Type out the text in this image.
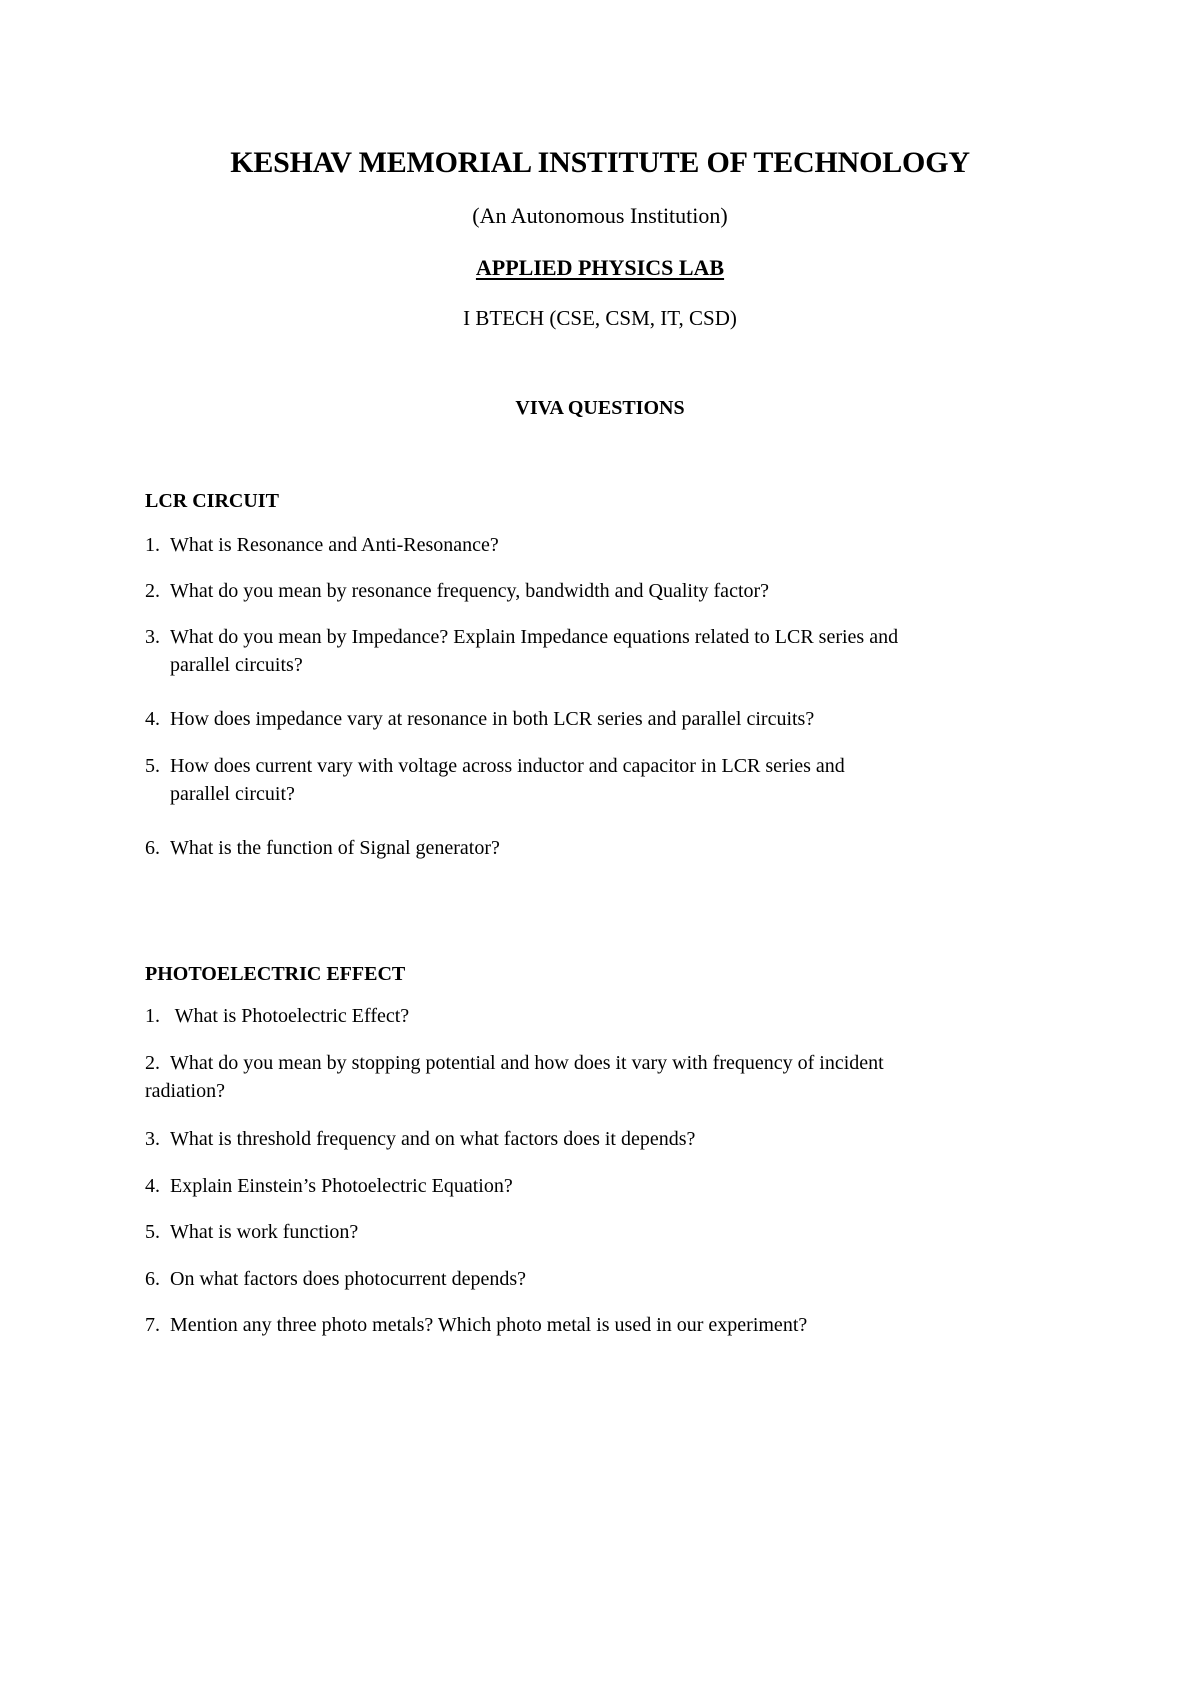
KESHAV MEMORIAL INSTITUTE OF TECHNOLOGY
(An Autonomous Institution)
APPLIED PHYSICS LAB
I BTECH (CSE, CSM, IT, CSD)
VIVA QUESTIONS
LCR CIRCUIT
1. What is Resonance and Anti-Resonance?
2. What do you mean by resonance frequency, bandwidth and Quality factor?
3. What do you mean by Impedance? Explain Impedance equations related to LCR series and
parallel circuits?
4. How does impedance vary at resonance in both LCR series and parallel circuits?
5. How does current vary with voltage across inductor and capacitor in LCR series and
parallel circuit?
6. What is the function of Signal generator?
PHOTOELECTRIC EFFECT
1. What is Photoelectric Effect?
2. What do you mean by stopping potential and how does it vary with frequency of incident
radiation?
3. What is threshold frequency and on what factors does it depends?
4. Explain Einstein’s Photoelectric Equation?
5. What is work function?
6. On what factors does photocurrent depends?
7. Mention any three photo metals? Which photo metal is used in our experiment?
